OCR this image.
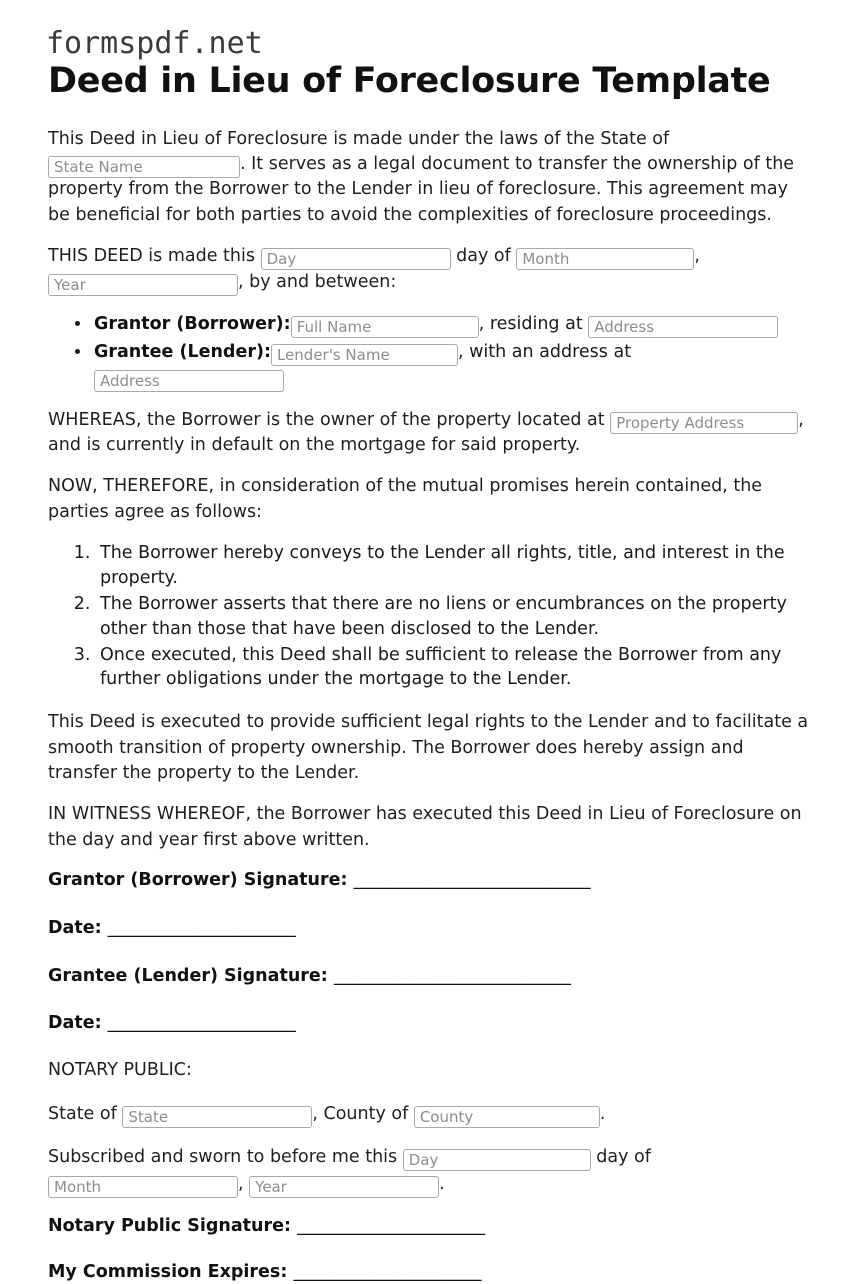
formspdf.net
Deed in Lieu of Foreclosure Template

This Deed in Lieu of Foreclosure is made under the laws of the State of State Name. It serves as a legal document to transfer the ownership of the property from the Borrower to the Lender in lieu of foreclosure. This agreement may be beneficial for both parties to avoid the complexities of foreclosure proceedings.

THIS DEED is made this Day	day of Month	, Year, by and between:

• Grantor (Borrower):Full Name	, residing at Address
• Grantee (Lender):Lender's Name	, with an address at Address

WHEREAS, the Borrower is the owner of the property located at Property Address	, and is currently in default on the mortgage for said property.

NOW, THEREFORE, in consideration of the mutual promises herein contained, the parties agree as follows:

1. The Borrower hereby conveys to the Lender all rights, title, and interest in the property.
2. The Borrower asserts that there are no liens or encumbrances on the property other than those that have been disclosed to the Lender.
3. Once executed, this Deed shall be sufficient to release the Borrower from any further obligations under the mortgage to the Lender.

This Deed is executed to provide sufficient legal rights to the Lender and to facilitate a smooth transition of property ownership. The Borrower does hereby assign and transfer the property to the Lender.

IN WITNESS WHEREOF, the Borrower has executed this Deed in Lieu of Foreclosure on the day and year first above written.

Grantor (Borrower) Signature: _____________________________
Date: _______________________
Grantee (Lender) Signature: _____________________________
Date: _______________________
NOTARY PUBLIC:
State of State	, County of County	.
Subscribed and sworn to before me this Day	day of Month, Year	.
Notary Public Signature: _______________________
My Commission Expires: _______________________
